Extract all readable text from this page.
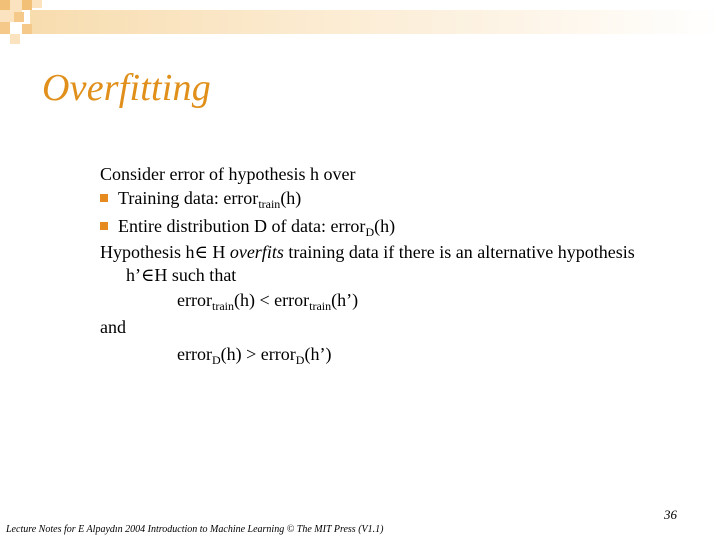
Overfitting
Consider error of hypothesis h over
Training data: error$_{train}$(h)
Entire distribution D of data: error$_D$(h)
Hypothesis h∈ H overfits training data if there is an alternative hypothesis
h’∈H such that
error$_{train}$(h) < error$_{train}$(h’)
and
error$_D$(h) > error$_D$(h’)
36
Lecture Notes for E Alpaydın 2004 Introduction to Machine Learning © The MIT Press (V1.1)
